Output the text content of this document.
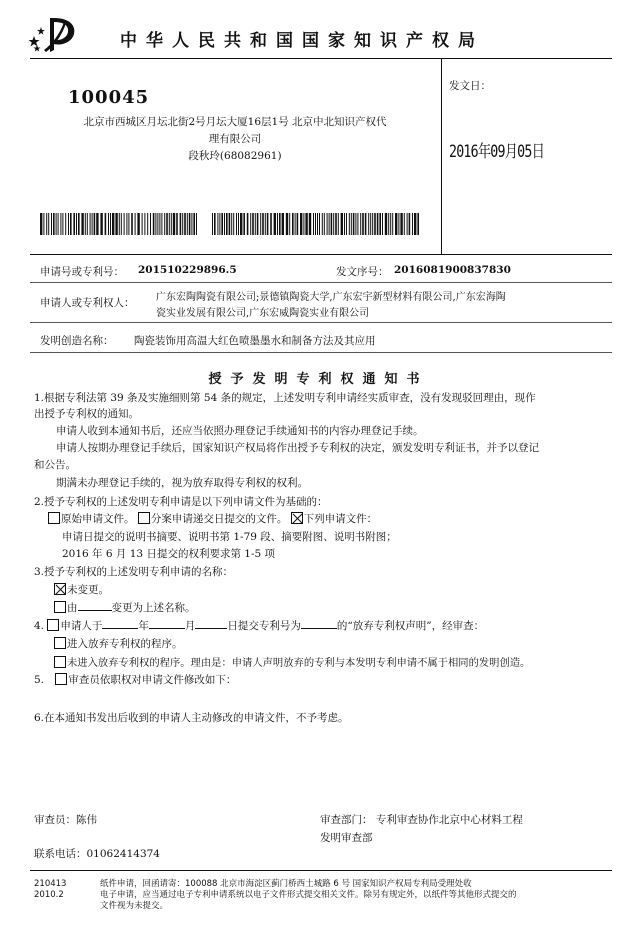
中华人民共和国国家知识产权局
100045
北京市西城区月坛北街2号月坛大厦16层1号 北京中北知识产权代
理有限公司
段秋玲(68082961)
发文日：
2016年09月05日
申请号或专利号： 201510229896.5	发文序号： 2016081900837830
申请人或专利权人： 广东宏陶陶瓷有限公司;景德镇陶瓷大学,广东宏宇新型材料有限公司,广东宏海陶
瓷实业发展有限公司,广东宏威陶瓷实业有限公司
发明创造名称： 陶瓷装饰用高温大红色喷墨墨水和制备方法及其应用
授予发明专利权通知书
1.根据专利法第 39 条及实施细则第 54 条的规定，上述发明专利申请经实质审查，没有发现驳回理由，现作
出授予专利权的通知。
申请人收到本通知书后，还应当依照办理登记手续通知书的内容办理登记手续。
申请人按期办理登记手续后，国家知识产权局将作出授予专利权的决定，颁发发明专利证书，并予以登记
和公告。
期满未办理登记手续的，视为放弃取得专利权的权利。
2.授予专利权的上述发明专利申请是以下列申请文件为基础的：
原始申请文件。 分案申请递交日提交的文件。 下列申请文件：
申请日提交的说明书摘要、说明书第 1-79 段、摘要附图、说明书附图；
2016 年 6 月 13 日提交的权利要求第 1-5 项
3.授予专利权的上述发明专利申请的名称：
未变更。
由	变更为上述名称。
4. 申请人于	年	月	日提交专利号为	的“放弃专利权声明”，经审查：
进入放弃专利权的程序。
未进入放弃专利权的程序。理由是：申请人声明放弃的专利与本发明专利申请不属于相同的发明创造。
5. 审查员依职权对申请文件修改如下：
6.在本通知书发出后收到的申请人主动修改的申请文件，不予考虑。
审查员：陈伟	审查部门： 专利审查协作北京中心材料工程
发明审查部
联系电话：01062414374
210413
2010.2
纸件申请，回函请寄：100088 北京市海淀区蓟门桥西土城路 6 号 国家知识产权局专利局受理处收
电子申请，应当通过电子专利申请系统以电子文件形式提交相关文件。除另有规定外，以纸件等其他形式提交的
文件视为未提交。
